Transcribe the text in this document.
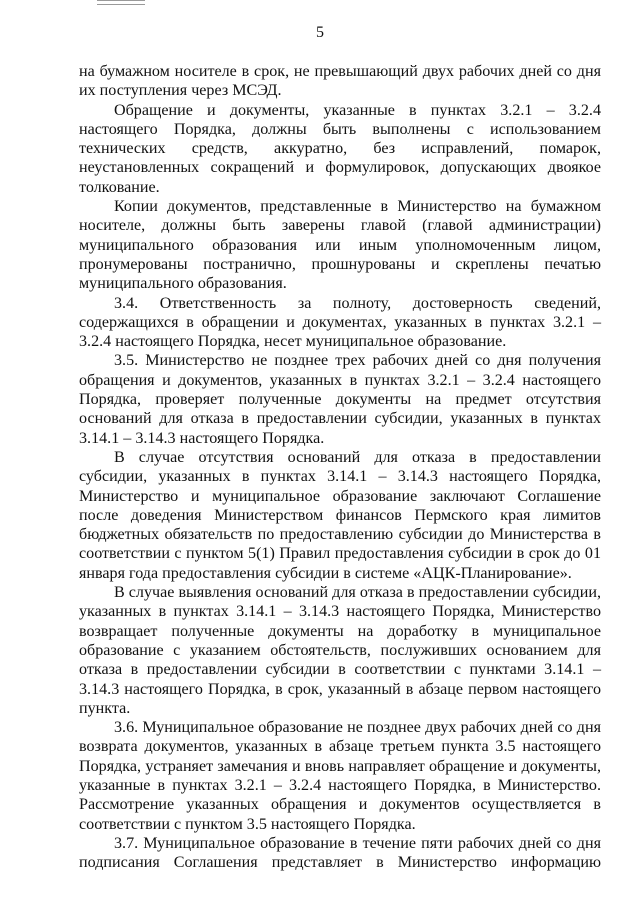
5

на бумажном носителе в срок, не превышающий двух рабочих дней со дня их поступления через МСЭД.

Обращение и документы, указанные в пунктах 3.2.1 – 3.2.4 настоящего Порядка, должны быть выполнены с использованием технических средств, аккуратно, без исправлений, помарок, неустановленных сокращений и формулировок, допускающих двоякое толкование.

Копии документов, представленные в Министерство на бумажном носителе, должны быть заверены главой (главой администрации) муниципального образования или иным уполномоченным лицом, пронумерованы постранично, прошнурованы и скреплены печатью муниципального образования.

3.4. Ответственность за полноту, достоверность сведений, содержащихся в обращении и документах, указанных в пунктах 3.2.1 – 3.2.4 настоящего Порядка, несет муниципальное образование.

3.5. Министерство не позднее трех рабочих дней со дня получения обращения и документов, указанных в пунктах 3.2.1 – 3.2.4 настоящего Порядка, проверяет полученные документы на предмет отсутствия оснований для отказа в предоставлении субсидии, указанных в пунктах 3.14.1 – 3.14.3 настоящего Порядка.

В случае отсутствия оснований для отказа в предоставлении субсидии, указанных в пунктах 3.14.1 – 3.14.3 настоящего Порядка, Министерство и муниципальное образование заключают Соглашение после доведения Министерством финансов Пермского края лимитов бюджетных обязательств по предоставлению субсидии до Министерства в соответствии с пунктом 5(1) Правил предоставления субсидии в срок до 01 января года предоставления субсидии в системе «АЦК-Планирование».

В случае выявления оснований для отказа в предоставлении субсидии, указанных в пунктах 3.14.1 – 3.14.3 настоящего Порядка, Министерство возвращает полученные документы на доработку в муниципальное образование с указанием обстоятельств, послуживших основанием для отказа в предоставлении субсидии в соответствии с пунктами 3.14.1 – 3.14.3 настоящего Порядка, в срок, указанный в абзаце первом настоящего пункта.

3.6. Муниципальное образование не позднее двух рабочих дней со дня возврата документов, указанных в абзаце третьем пункта 3.5 настоящего Порядка, устраняет замечания и вновь направляет обращение и документы, указанные в пунктах 3.2.1 – 3.2.4 настоящего Порядка, в Министерство. Рассмотрение указанных обращения и документов осуществляется в соответствии с пунктом 3.5 настоящего Порядка.

3.7. Муниципальное образование в течение пяти рабочих дней со дня подписания Соглашения представляет в Министерство информацию
